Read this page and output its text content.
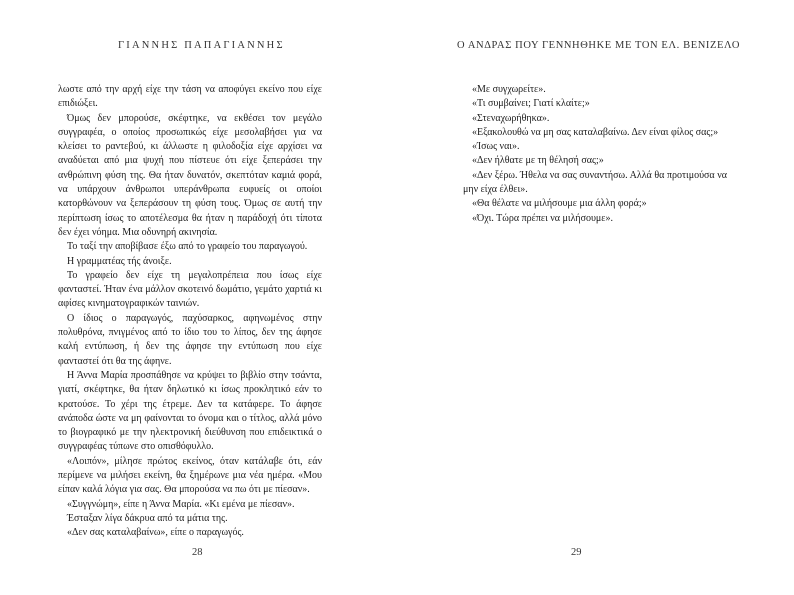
ΓΙΑΝΝΗΣ ΠΑΠΑΓΙΑΝΝΗΣ

λωστε από την αρχή είχε την τάση να αποφύγει εκείνο που είχε επιδιώξει.

Όμως δεν μπορούσε, σκέφτηκε, να εκθέσει τον μεγάλο συγγραφέα, ο οποίος προσωπικώς είχε μεσολαβήσει για να κλείσει το ραντεβού, κι άλλωστε η φιλοδοξία είχε αρχίσει να αναδύεται από μια ψυχή που πίστευε ότι είχε ξεπεράσει την ανθρώπινη φύση της. Θα ήταν δυνατόν, σκεπτόταν καμιά φορά, να υπάρχουν άνθρωποι υπεράνθρωπα ευφυείς οι οποίοι κατορθώνουν να ξεπεράσουν τη φύση τους. Όμως σε αυτή την περίπτωση ίσως το αποτέλεσμα θα ήταν η παράδοχή ότι τίποτα δεν έχει νόημα. Μια οδυνηρή ακινησία.

Το ταξί την αποβίβασε έξω από το γραφείο του παραγωγού.

Η γραμματέας τής άνοιξε.

Το γραφείο δεν είχε τη μεγαλοπρέπεια που ίσως είχε φανταστεί. Ήταν ένα μάλλον σκοτεινό δωμάτιο, γεμάτο χαρτιά κι αφίσες κινηματογραφικών ταινιών.

Ο ίδιος ο παραγωγός, παχύσαρκος, αφηνωμένος στην πολυθρόνα, πνιγμένος από το ίδιο του το λίπος, δεν της άφησε καλή εντύπωση, ή δεν της άφησε την εντύπωση που είχε φανταστεί ότι θα της άφηνε.

Η Άννα Μαρία προσπάθησε να κρύψει το βιβλίο στην τσάντα, γιατί, σκέφτηκε, θα ήταν δηλωτικό κι ίσως προκλητικό εάν το κρατούσε. Το χέρι της έτρεμε. Δεν τα κατάφερε. Το άφησε ανάποδα ώστε να μη φαίνονται το όνομα και ο τίτλος, αλλά μόνο το βιογραφικό με την ηλεκτρονική διεύθυνση που επιδεικτικά ο συγγραφέας τύπωνε στο οπισθόφυλλο.

«Λοιπόν», μίλησε πρώτος εκείνος, όταν κατάλαβε ότι, εάν περίμενε να μιλήσει εκείνη, θα ξημέρωνε μια νέα ημέρα. «Μου είπαν καλά λόγια για σας. Θα μπορούσα να πω ότι με πίεσαν».

«Συγγνώμη», είπε η Άννα Μαρία. «Κι εμένα με πίεσαν».

Έσταξαν λίγα δάκρυα από τα μάτια της.

«Δεν σας καταλαβαίνω», είπε ο παραγωγός.

28
Ο ΑΝΔΡΑΣ ΠΟΥ ΓΕΝΝΗΘΗΚΕ ΜΕ ΤΟΝ ΕΛ. ΒΕΝΙΖΕΛΟ

«Με συγχωρείτε».

«Τι συμβαίνει; Γιατί κλαίτε;»

«Στεναχωρήθηκα».

«Εξακολουθώ να μη σας καταλαβαίνω. Δεν είναι φίλος σας;»

«Ίσως ναι».

«Δεν ήλθατε με τη θέλησή σας;»

«Δεν ξέρω. Ήθελα να σας συναντήσω. Αλλά θα προτιμούσα να μην είχα έλθει».

«Θα θέλατε να μιλήσουμε μια άλλη φορά;»

«Όχι. Τώρα πρέπει να μιλήσουμε».

29
